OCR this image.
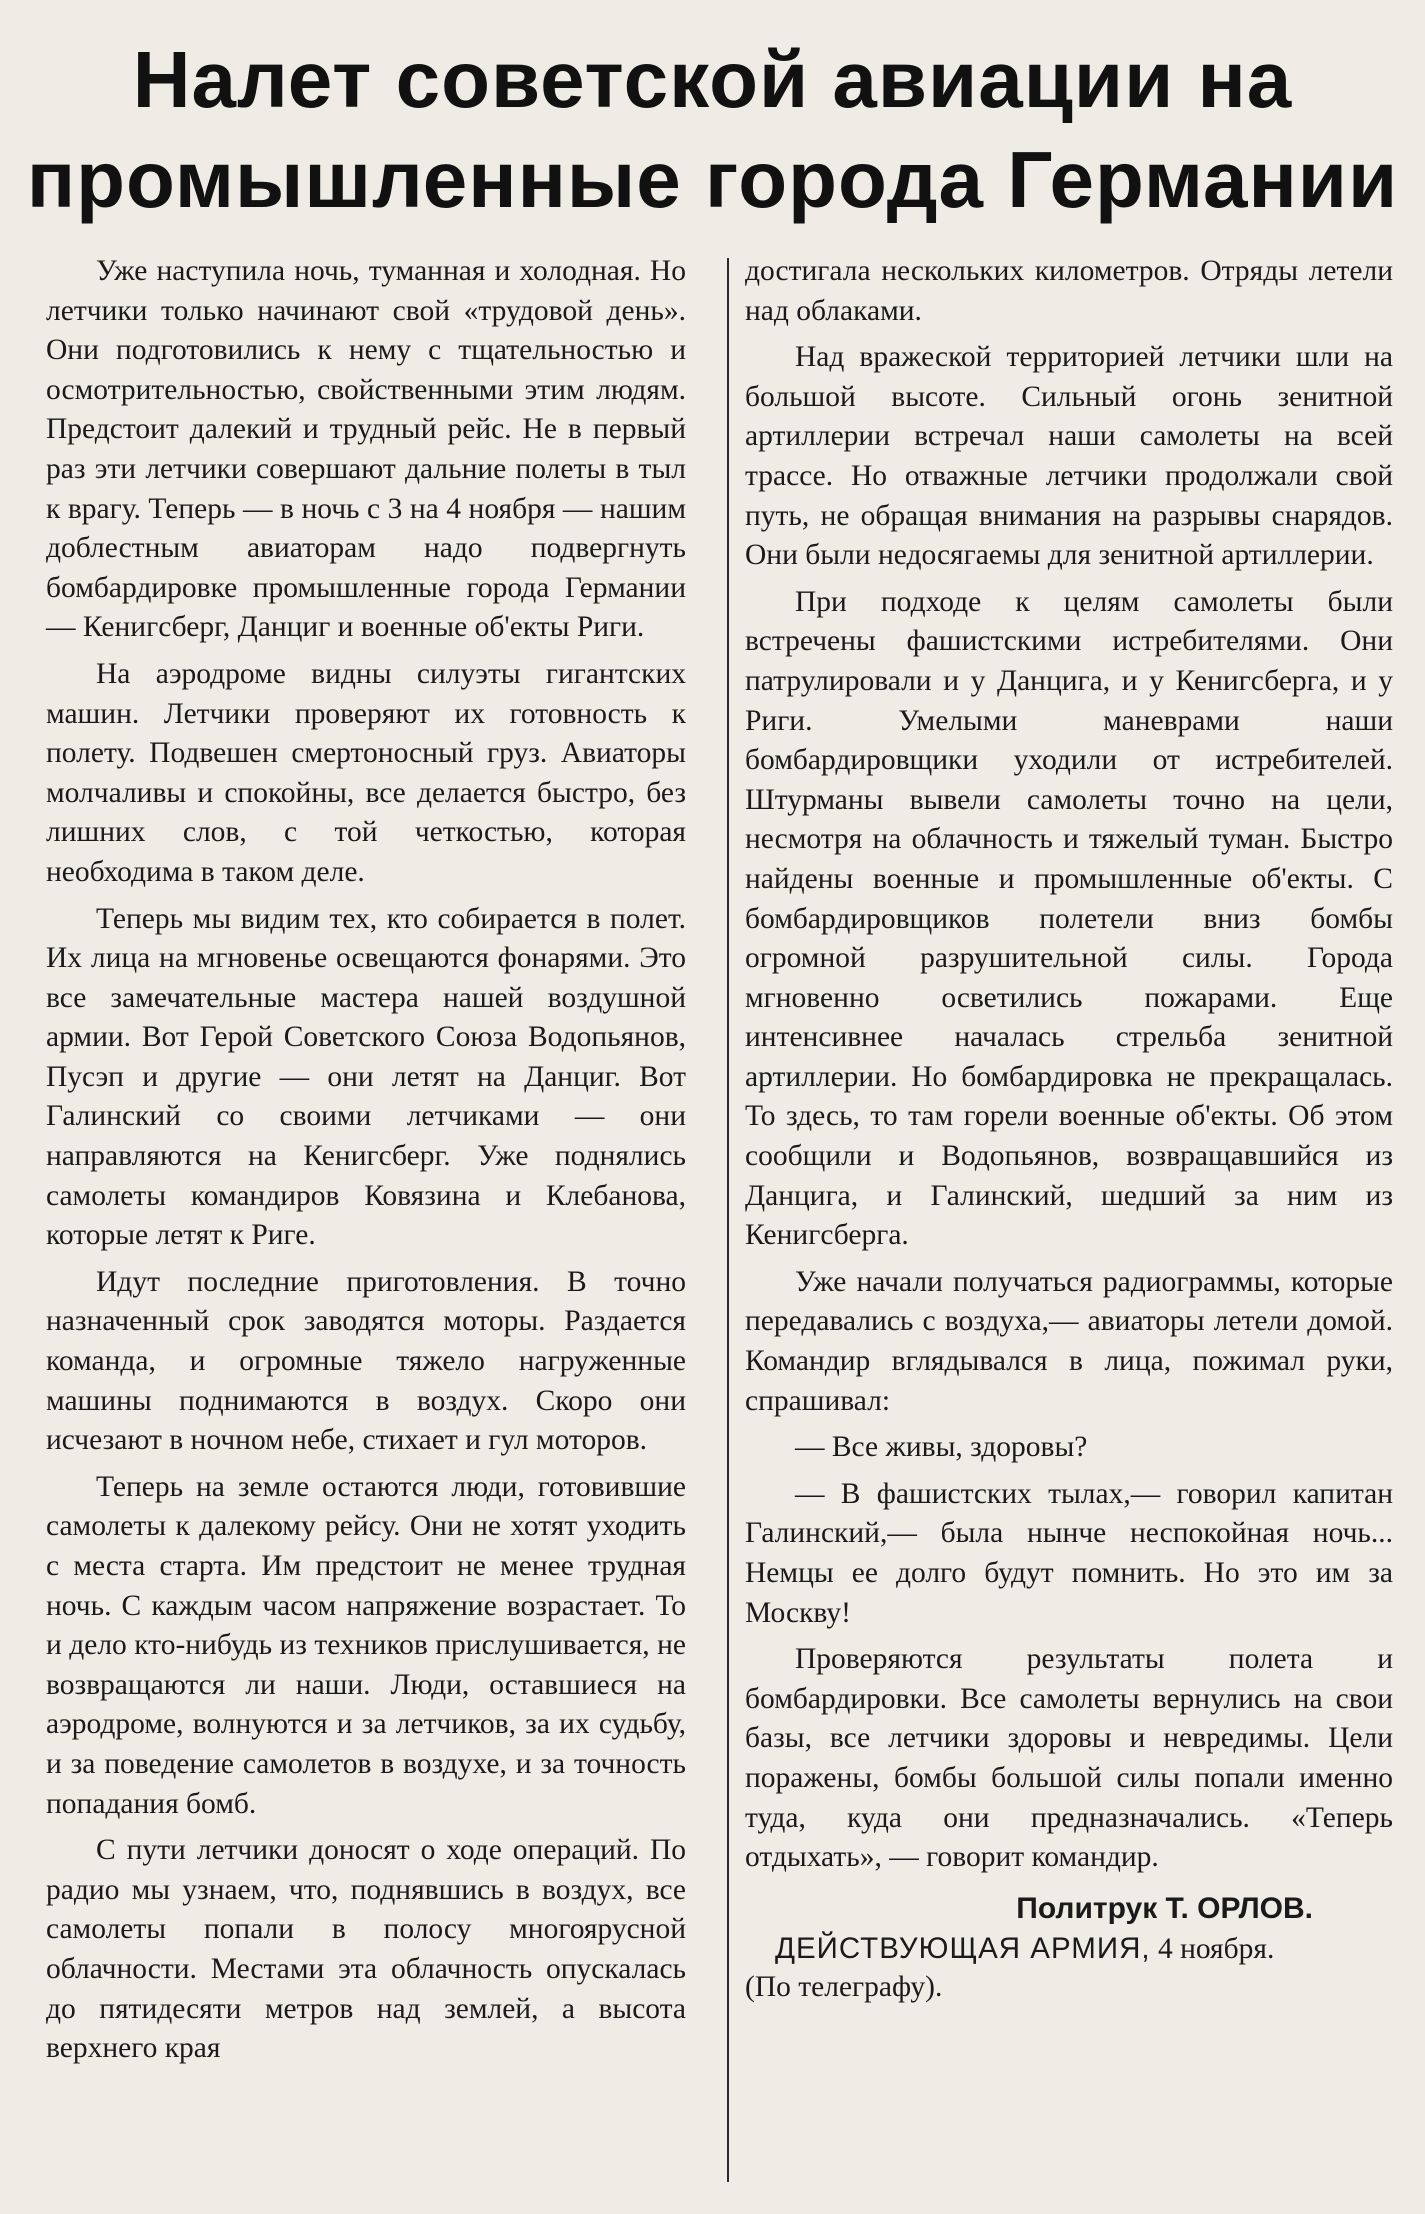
Налет советской авиации на
промышленные города Германии

Уже наступила ночь, туманная и холодная. Но летчики только начинают свой «трудовой день». Они подготовились к нему с тщательностью и осмотрительностью, свойственными этим людям. Предстоит далекий и трудный рейс. Не в первый раз эти летчики совершают дальние полеты в тыл к врагу. Теперь — в ночь с 3 на 4 ноября — нашим доблестным авиаторам надо подвергнуть бомбардировке промышленные города Германии — Кенигсберг, Данциг и военные об'екты Риги.

На аэродроме видны силуэты гигантских машин. Летчики проверяют их готовность к полету. Подвешен смертоносный груз. Авиаторы молчаливы и спокойны, все делается быстро, без лишних слов, с той четкостью, которая необходима в таком деле.

Теперь мы видим тех, кто собирается в полет. Их лица на мгновенье освещаются фонарями. Это все замечательные мастера нашей воздушной армии. Вот Герой Советского Союза Водопьянов, Пусэп и другие — они летят на Данциг. Вот Галинский со своими летчиками — они направляются на Кенигсберг. Уже поднялись самолеты командиров Ковязина и Клебанова, которые летят к Риге.

Идут последние приготовления. В точно назначенный срок заводятся моторы. Раздается команда, и огромные тяжело нагруженные машины поднимаются в воздух. Скоро они исчезают в ночном небе, стихает и гул моторов.

Теперь на земле остаются люди, готовившие самолеты к далекому рейсу. Они не хотят уходить с места старта. Им предстоит не менее трудная ночь. С каждым часом напряжение возрастает. То и дело кто-нибудь из техников прислушивается, не возвращаются ли наши. Люди, оставшиеся на аэродроме, волнуются и за летчиков, за их судьбу, и за поведение самолетов в воздухе, и за точность попадания бомб.

С пути летчики доносят о ходе операций. По радио мы узнаем, что, поднявшись в воздух, все самолеты попали в полосу многоярусной облачности. Местами эта облачность опускалась до пятидесяти метров над землей, а высота верхнего края

достигала нескольких километров. Отряды летели над облаками.

Над вражеской территорией летчики шли на большой высоте. Сильный огонь зенитной артиллерии встречал наши самолеты на всей трассе. Но отважные летчики продолжали свой путь, не обращая внимания на разрывы снарядов. Они были недосягаемы для зенитной артиллерии.

При подходе к целям самолеты были встречены фашистскими истребителями. Они патрулировали и у Данцига, и у Кенигсберга, и у Риги. Умелыми маневрами наши бомбардировщики уходили от истребителей. Штурманы вывели самолеты точно на цели, несмотря на облачность и тяжелый туман. Быстро найдены военные и промышленные об'екты. С бомбардировщиков полетели вниз бомбы огромной разрушительной силы. Города мгновенно осветились пожарами. Еще интенсивнее началась стрельба зенитной артиллерии. Но бомбардировка не прекращалась. То здесь, то там горели военные об'екты. Об этом сообщили и Водопьянов, возвращавшийся из Данцига, и Галинский, шедший за ним из Кенигсберга.

Уже начали получаться радиограммы, которые передавались с воздуха,— авиаторы летели домой. Командир вглядывался в лица, пожимал руки, спрашивал:

— Все живы, здоровы?

— В фашистских тылах,— говорил капитан Галинский,— была нынче неспокойная ночь... Немцы ее долго будут помнить. Но это им за Москву!

Проверяются результаты полета и бомбардировки. Все самолеты вернулись на свои базы, все летчики здоровы и невредимы. Цели поражены, бомбы большой силы попали именно туда, куда они предназначались. «Теперь отдыхать», — говорит командир.

Политрук Т. ОРЛОВ.

ДЕЙСТВУЮЩАЯ АРМИЯ, 4 ноября.
(По телеграфу).
